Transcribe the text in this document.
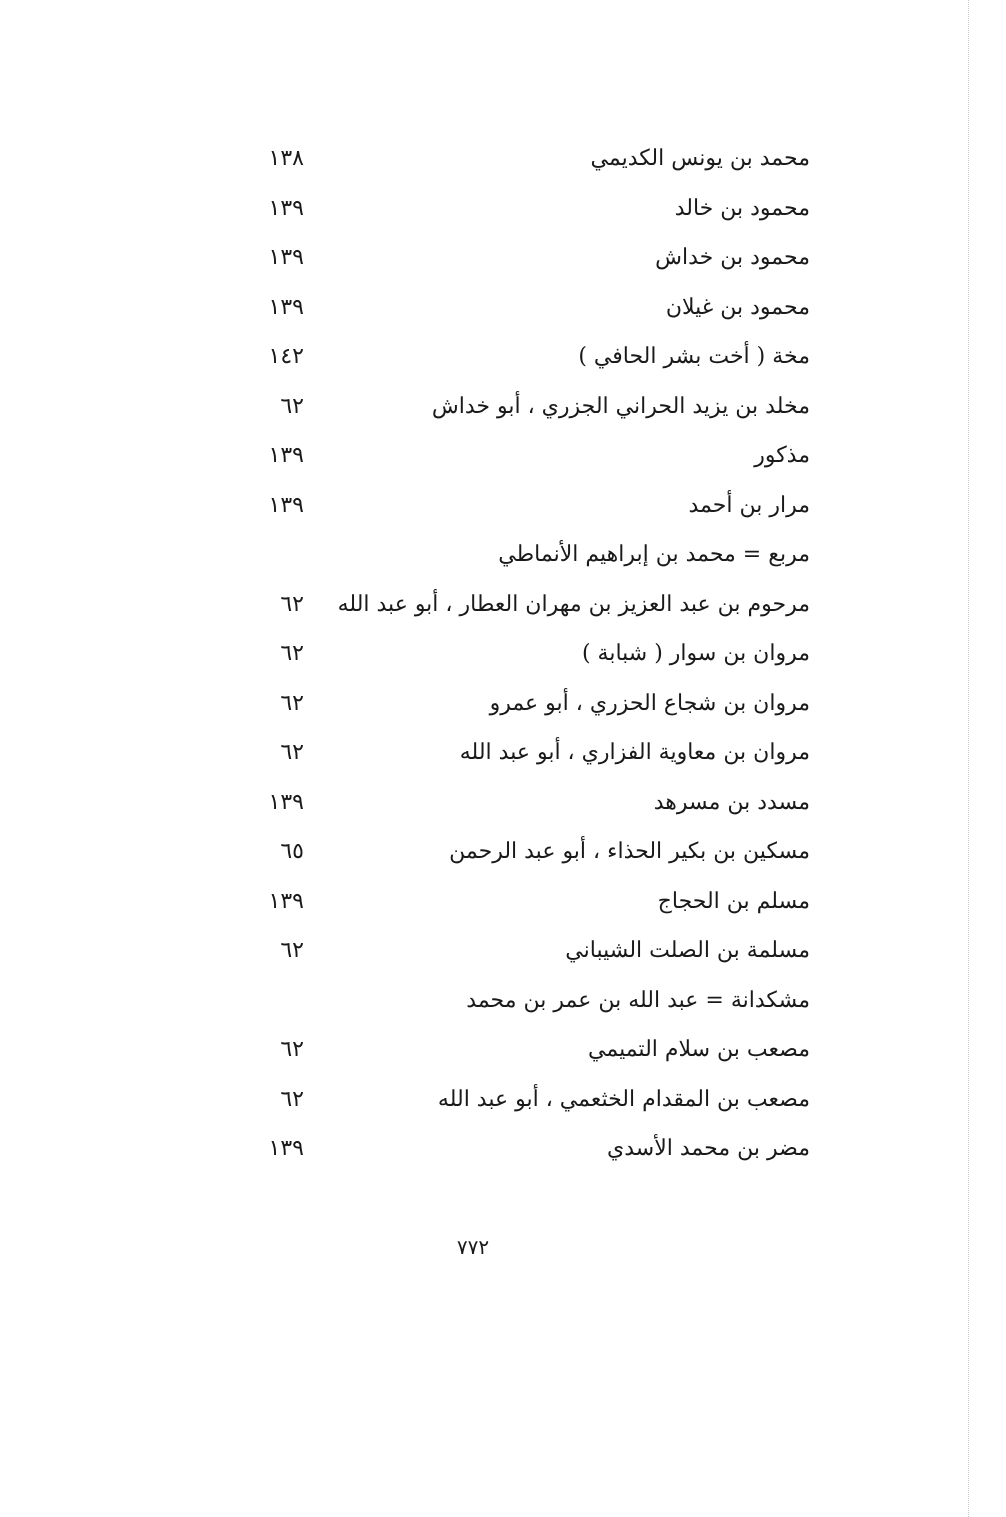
محمد بن يونس الكديمي
١٣٨
محمود بن خالد
١٣٩
محمود بن خداش
١٣٩
محمود بن غيلان
١٣٩
مخة ( أخت بشر الحافي )
١٤٢
مخلد بن يزيد الحراني الجزري ، أبو خداش
٦٢
مذكور
١٣٩
مرار بن أحمد
١٣٩
مربع = محمد بن إبراهيم الأنماطي
مرحوم بن عبد العزيز بن مهران العطار ، أبو عبد الله
٦٢
مروان بن سوار ( شبابة )
٦٢
مروان بن شجاع الحزري ، أبو عمرو
٦٢
مروان بن معاوية الفزاري ، أبو عبد الله
٦٢
مسدد بن مسرهد
١٣٩
مسكين بن بكير الحذاء ، أبو عبد الرحمن
٦٥
مسلم بن الحجاج
١٣٩
مسلمة بن الصلت الشيباني
٦٢
مشكدانة = عبد الله بن عمر بن محمد
مصعب بن سلام التميمي
٦٢
مصعب بن المقدام الخثعمي ، أبو عبد الله
٦٢
مضر بن محمد الأسدي
١٣٩
٧٧٢
